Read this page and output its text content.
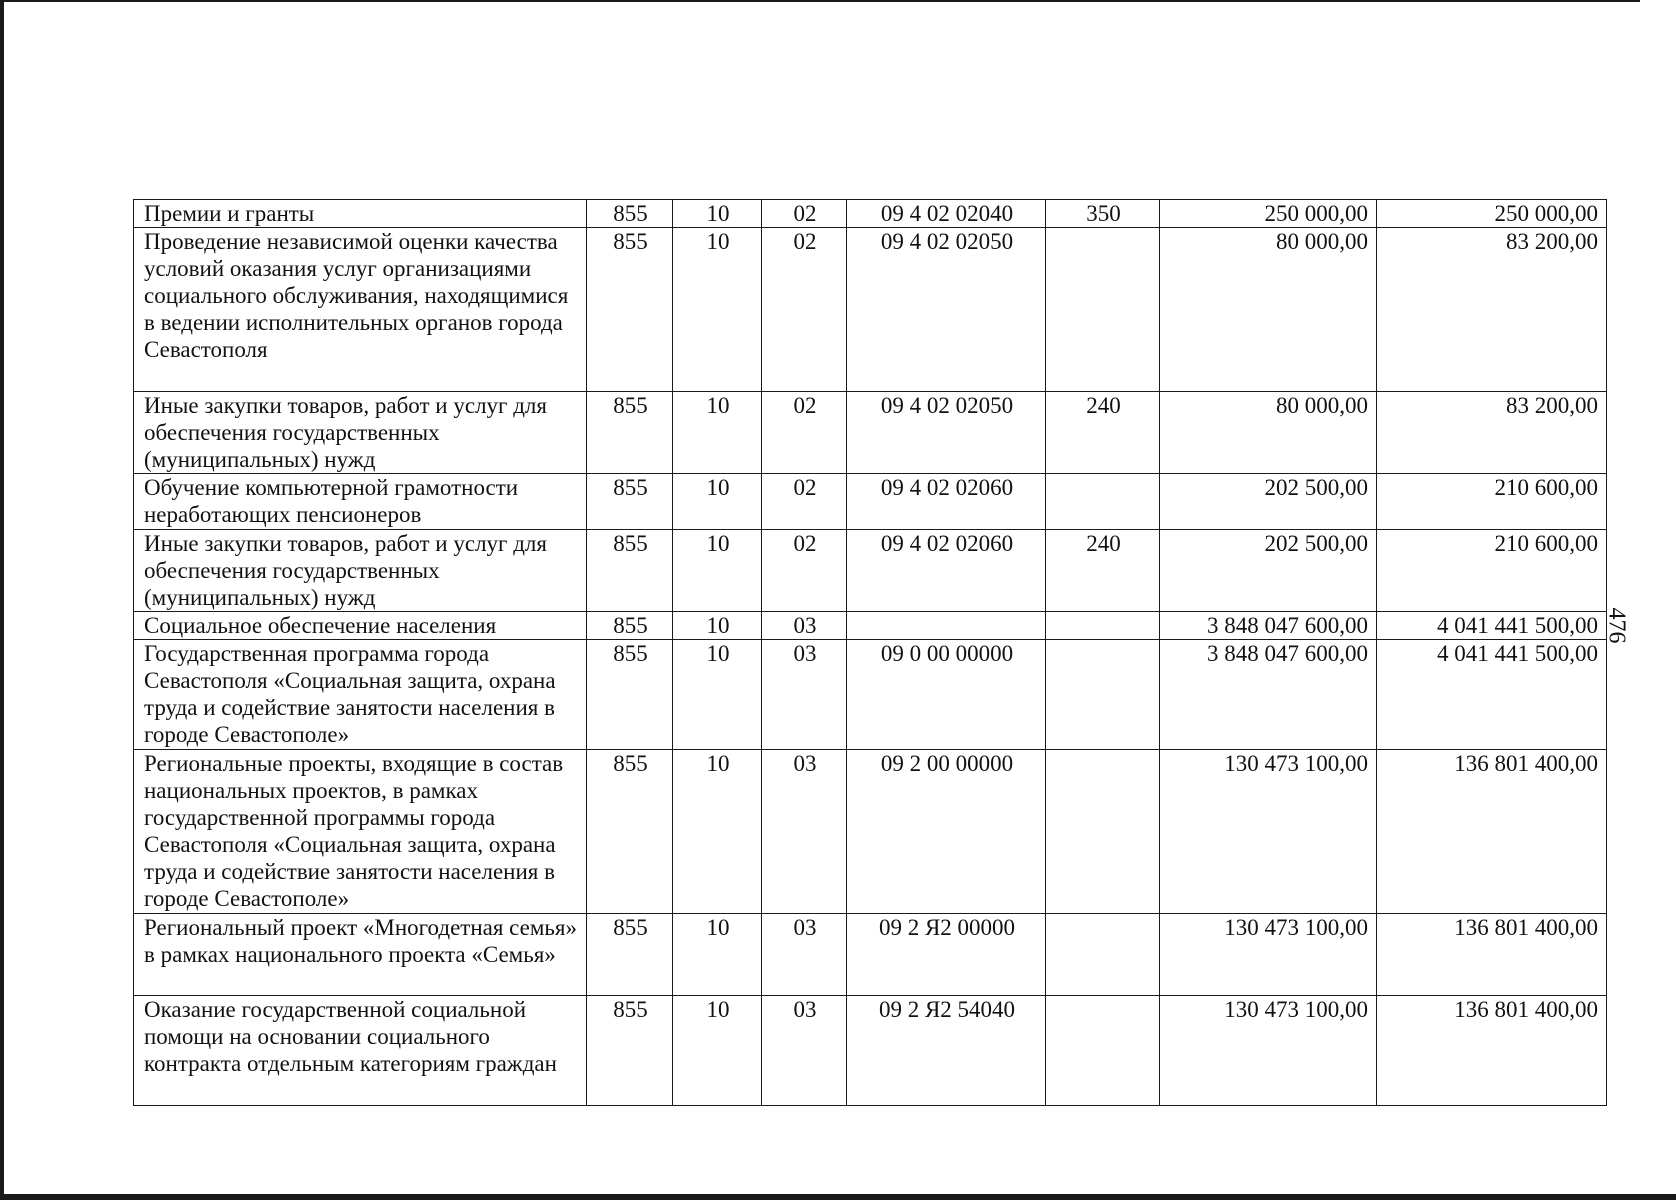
Премии и гранты	855	10	02	09 4 02 02040	350	250 000,00	250 000,00
Проведение независимой оценки качества условий оказания услуг организациями социального обслуживания, находящимися в ведении исполнительных органов города Севастополя	855	10	02	09 4 02 02050		80 000,00	83 200,00
Иные закупки товаров, работ и услуг для обеспечения государственных (муниципальных) нужд	855	10	02	09 4 02 02050	240	80 000,00	83 200,00
Обучение компьютерной грамотности неработающих пенсионеров	855	10	02	09 4 02 02060		202 500,00	210 600,00
Иные закупки товаров, работ и услуг для обеспечения государственных (муниципальных) нужд	855	10	02	09 4 02 02060	240	202 500,00	210 600,00
Социальное обеспечение населения	855	10	03			3 848 047 600,00	4 041 441 500,00
Государственная программа города Севастополя «Социальная защита, охрана труда и содействие занятости населения в городе Севастополе»	855	10	03	09 0 00 00000		3 848 047 600,00	4 041 441 500,00
Региональные проекты, входящие в состав национальных проектов, в рамках государственной программы города Севастополя «Социальная защита, охрана труда и содействие занятости населения в городе Севастополе»	855	10	03	09 2 00 00000		130 473 100,00	136 801 400,00
Региональный проект «Многодетная семья» в рамках национального проекта «Семья»	855	10	03	09 2 Я2 00000		130 473 100,00	136 801 400,00
Оказание государственной социальной помощи на основании социального контракта отдельным категориям граждан	855	10	03	09 2 Я2 54040		130 473 100,00	136 801 400,00
476
